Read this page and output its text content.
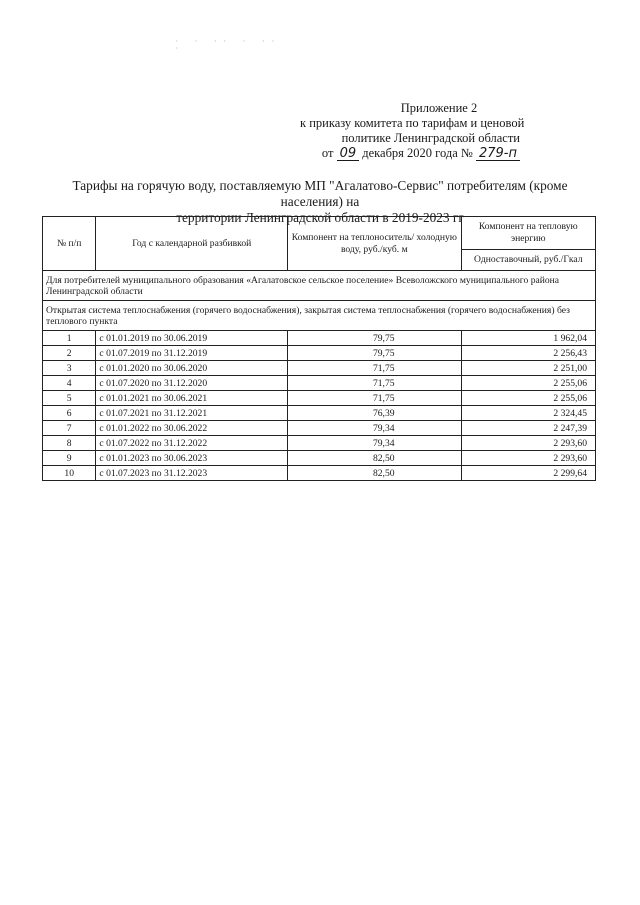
· · ·· · ·· ·
Приложение 2
к приказу комитета по тарифам и ценовой
политике Ленинградской области
от 09 декабря 2020 года № 279-п
Тарифы на горячую воду, поставляемую МП "Агалатово-Сервис" потребителям (кроме населения) на
территории Ленинградской области в 2019-2023 гг
№ п/п	Год с календарной разбивкой	Компонент на теплоноситель/ холодную воду, руб./куб. м	Компонент на тепловую энергию
			Одноставочный, руб./Гкал
Для потребителей муниципального образования «Агалатовское сельское поселение» Всеволожского муниципального района Ленинградской области			
Открытая система теплоснабжения (горячего водоснабжения), закрытая система теплоснабжения (горячего водоснабжения) без теплового пункта			
1	с 01.01.2019 по 30.06.2019	79,75	1 962,04
2	с 01.07.2019 по 31.12.2019	79,75	2 256,43
3	с 01.01.2020 по 30.06.2020	71,75	2 251,00
4	с 01.07.2020 по 31.12.2020	71,75	2 255,06
5	с 01.01.2021 по 30.06.2021	71,75	2 255,06
6	с 01.07.2021 по 31.12.2021	76,39	2 324,45
7	с 01.01.2022 по 30.06.2022	79,34	2 247,39
8	с 01.07.2022 по 31.12.2022	79,34	2 293,60
9	с 01.01.2023 по 30.06.2023	82,50	2 293,60
10	с 01.07.2023 по 31.12.2023	82,50	2 299,64
